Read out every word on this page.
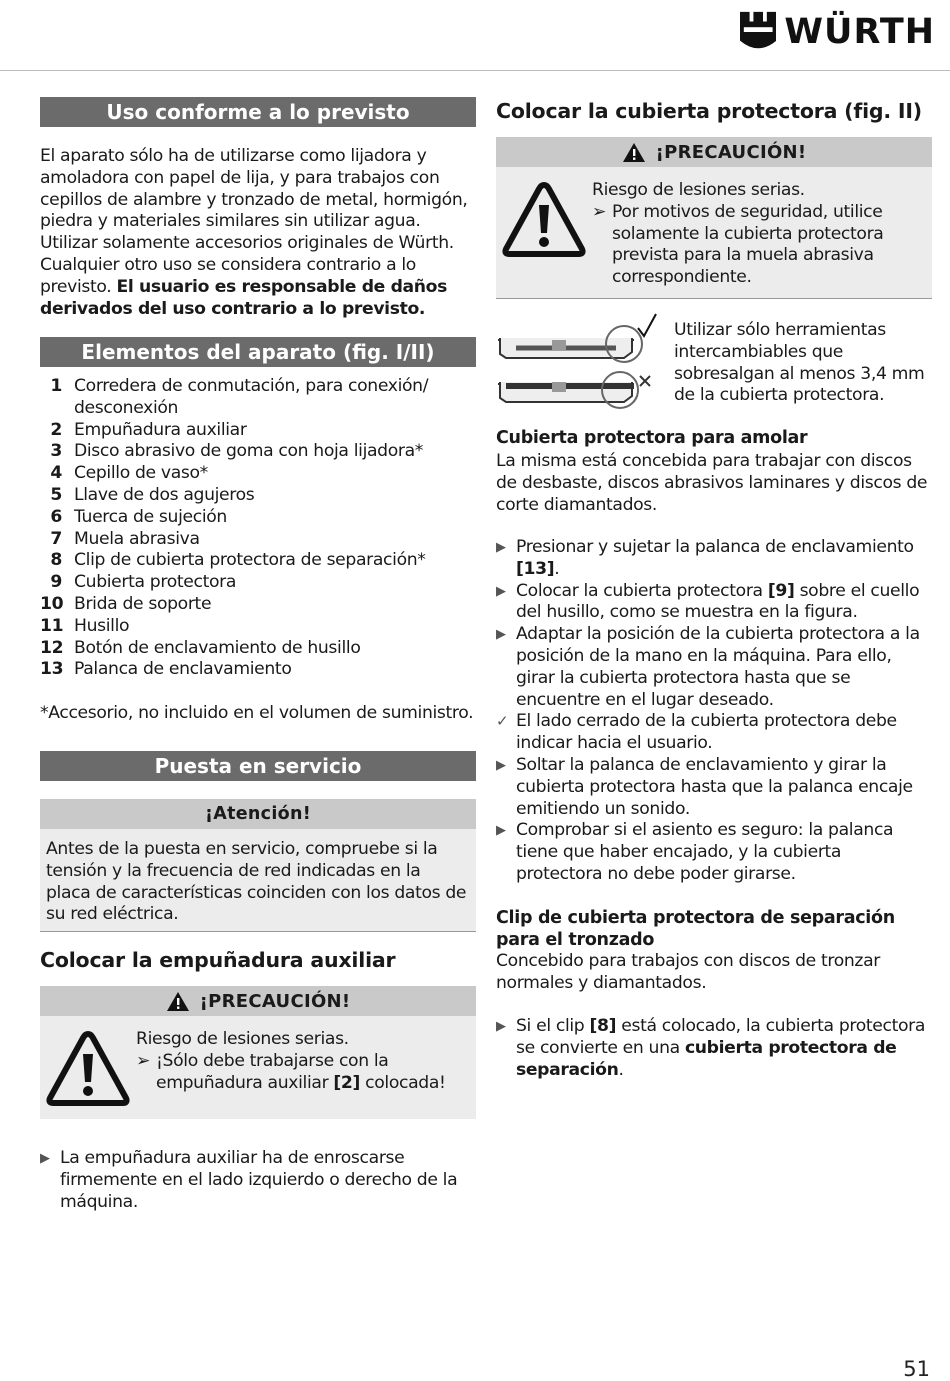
WÜRTH
Uso conforme a lo previsto
El aparato sólo ha de utilizarse como lijadora y amoladora con papel de lija, y para trabajos con cepillos de alambre y tronzado de metal, hormigón, piedra y materiales similares sin utilizar agua. Utilizar solamente accesorios originales de Würth. Cualquier otro uso se considera contrario a lo previsto. El usuario es responsable de daños derivados del uso contrario a lo previsto.
Elementos del aparato (fig. I/II)
1 Corredera de conmutación, para conexión/ desconexión
2 Empuñadura auxiliar
3 Disco abrasivo de goma con hoja lijadora*
4 Cepillo de vaso*
5 Llave de dos agujeros
6 Tuerca de sujeción
7 Muela abrasiva
8 Clip de cubierta protectora de separación*
9 Cubierta protectora
10 Brida de soporte
11 Husillo
12 Botón de enclavamiento de husillo
13 Palanca de enclavamiento
*Accesorio, no incluido en el volumen de suministro.
Puesta en servicio
¡Atención!
Antes de la puesta en servicio, compruebe si la tensión y la frecuencia de red indicadas en la placa de características coinciden con los datos de su red eléctrica.
Colocar la empuñadura auxiliar
¡PRECAUCIÓN!
Riesgo de lesiones serias.
➢ ¡Sólo debe trabajarse con la empuñadura auxiliar [2] colocada!
▶ La empuñadura auxiliar ha de enroscarse firmemente en el lado izquierdo o derecho de la máquina.
Colocar la cubierta protectora (fig. II)
¡PRECAUCIÓN!
Riesgo de lesiones serias.
➢ Por motivos de seguridad, utilice solamente la cubierta protectora prevista para la muela abrasiva correspondiente.
Utilizar sólo herramientas intercambiables que sobresalgan al menos 3,4 mm de la cubierta protectora.
Cubierta protectora para amolar
La misma está concebida para trabajar con discos de desbaste, discos abrasivos laminares y discos de corte diamantados.
▶ Presionar y sujetar la palanca de enclavamiento [13].
▶ Colocar la cubierta protectora [9] sobre el cuello del husillo, como se muestra en la figura.
▶ Adaptar la posición de la cubierta protectora a la posición de la mano en la máquina. Para ello, girar la cubierta protectora hasta que se encuentre en el lugar deseado.
✓ El lado cerrado de la cubierta protectora debe indicar hacia el usuario.
▶ Soltar la palanca de enclavamiento y girar la cubierta protectora hasta que la palanca encaje emitiendo un sonido.
▶ Comprobar si el asiento es seguro: la palanca tiene que haber encajado, y la cubierta protectora no debe poder girarse.
Clip de cubierta protectora de separación para el tronzado
Concebido para trabajos con discos de tronzar normales y diamantados.
▶ Si el clip [8] está colocado, la cubierta protectora se convierte en una cubierta protectora de separación.
51
